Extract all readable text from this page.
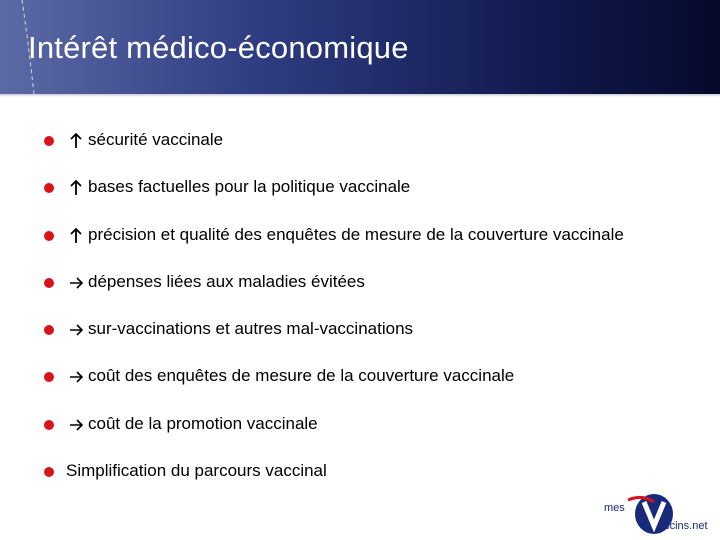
Intérêt médico-économique
sécurité vaccinale
bases factuelles pour la politique vaccinale
précision et qualité des enquêtes de mesure de la couverture vaccinale
dépenses liées aux maladies évitées
sur-vaccinations et autres mal-vaccinations
coût des enquêtes de mesure de la couverture vaccinale
coût de la promotion vaccinale
Simplification du parcours vaccinal
mes
accins.net
